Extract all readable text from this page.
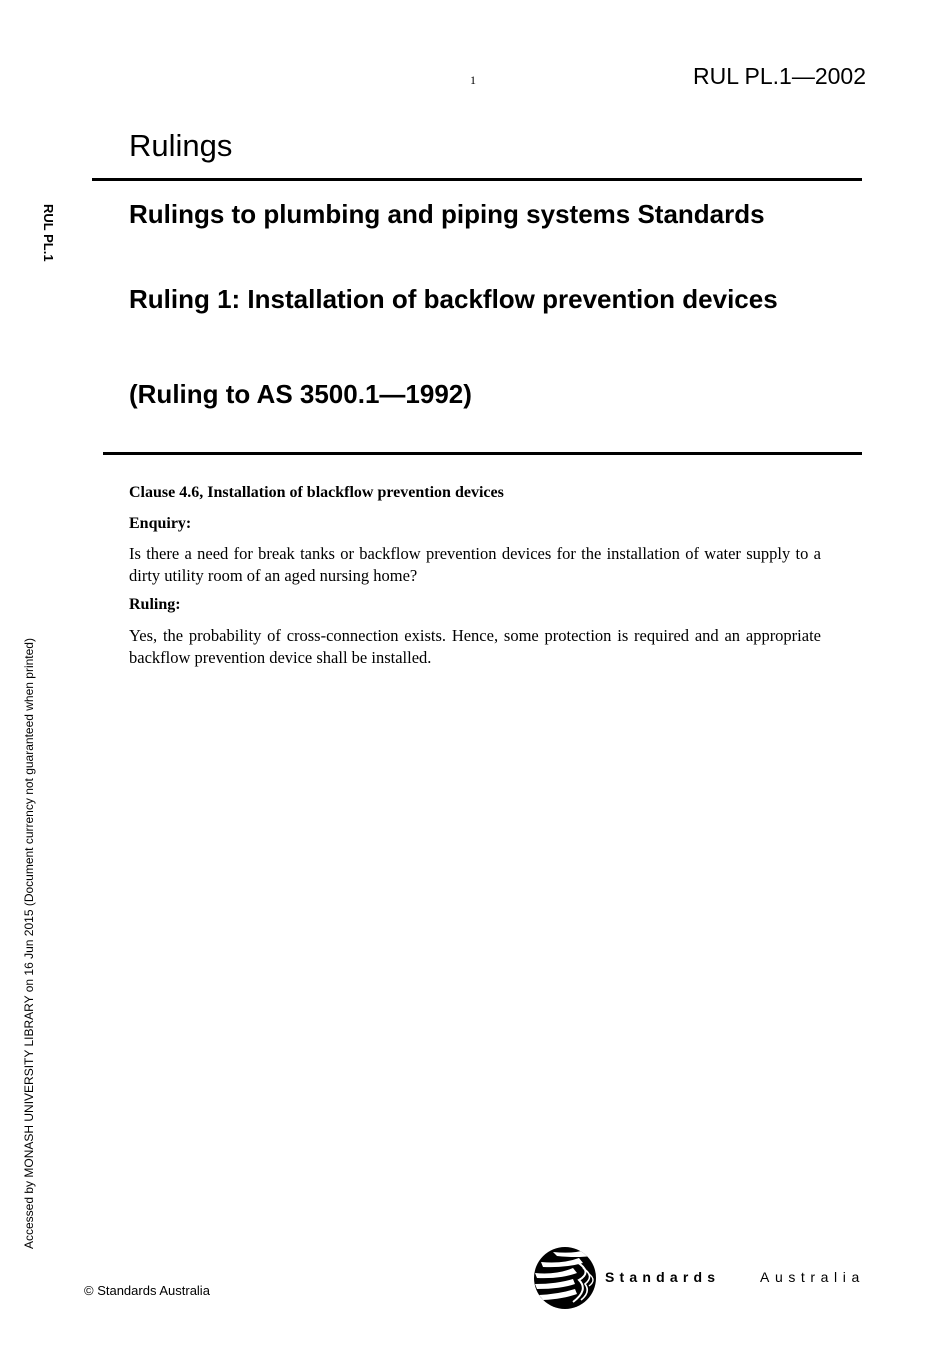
1	RUL PL.1—2002
Rulings
RUL PL.1	Rulings to plumbing and piping systems Standards
Ruling 1: Installation of backflow prevention devices
(Ruling to AS 3500.1—1992)
Clause 4.6, Installation of blackflow prevention devices
Enquiry:
Is there a need for break tanks or backflow prevention devices for the installation of water supply to a dirty utility room of an aged nursing home?
Ruling:
Yes, the probability of cross-connection exists. Hence, some protection is required and an appropriate backflow prevention device shall be installed.
Accessed by MONASH UNIVERSITY LIBRARY on 16 Jun 2015 (Document currency not guaranteed when printed)
© Standards Australia
Standards	Australia
